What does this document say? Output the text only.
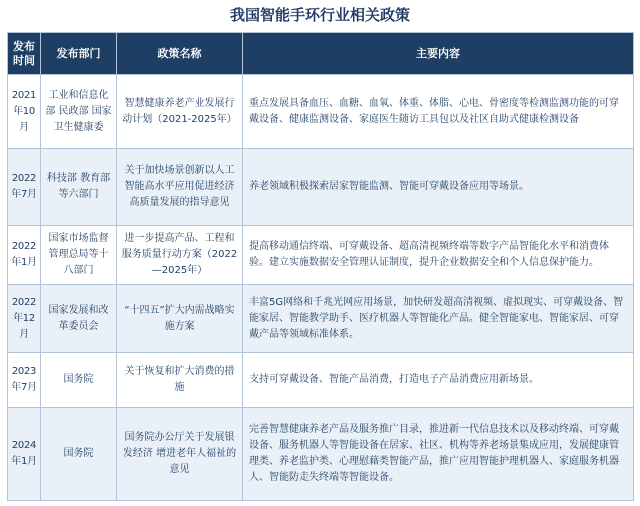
我国智能手环行业相关政策
发布时间	发布部门	政策名称	主要内容
2021年10月	工业和信息化部 民政部 国家卫生健康委	智慧健康养老产业发展行动计划（2021-2025年）	重点发展具备血压、血糖、血氧、体重、体脂、心电、骨密度等检测监测功能的可穿戴设备、健康监测设备、家庭医生随访工具包以及社区自助式健康检测设备
2022年7月	科技部 教育部等六部门	关于加快场景创新以人工智能高水平应用促进经济高质量发展的指导意见	养老领域积极探索居家智能监测、智能可穿戴设备应用等场景。
2022年1月	国家市场监督管理总局等十八部门	进一步提高产品、工程和服务质量行动方案（2022—2025年）	提高移动通信终端、可穿戴设备、超高清视频终端等数字产品智能化水平和消费体验。建立实施数据安全管理认证制度，提升企业数据安全和个人信息保护能力。
2022年12月	国家发展和改革委员会	“十四五”扩大内需战略实施方案	丰富5G网络和千兆光网应用场景，加快研发超高清视频、虚拟现实、可穿戴设备、智能家居、智能教学助手、医疗机器人等智能化产品。健全智能家电、智能家居、可穿戴产品等领域标准体系。
2023年7月	国务院	关于恢复和扩大消费的措施	支持可穿戴设备、智能产品消费，打造电子产品消费应用新场景。
2024年1月	国务院	国务院办公厅关于发展银发经济 增进老年人福祉的意见	完善智慧健康养老产品及服务推广目录，推进新一代信息技术以及移动终端、可穿戴设备、服务机器人等智能设备在居家、社区、机构等养老场景集成应用，发展健康管理类、养老监护类、心理慰藉类智能产品，推广应用智能护理机器人、家庭服务机器人、智能防走失终端等智能设备。
